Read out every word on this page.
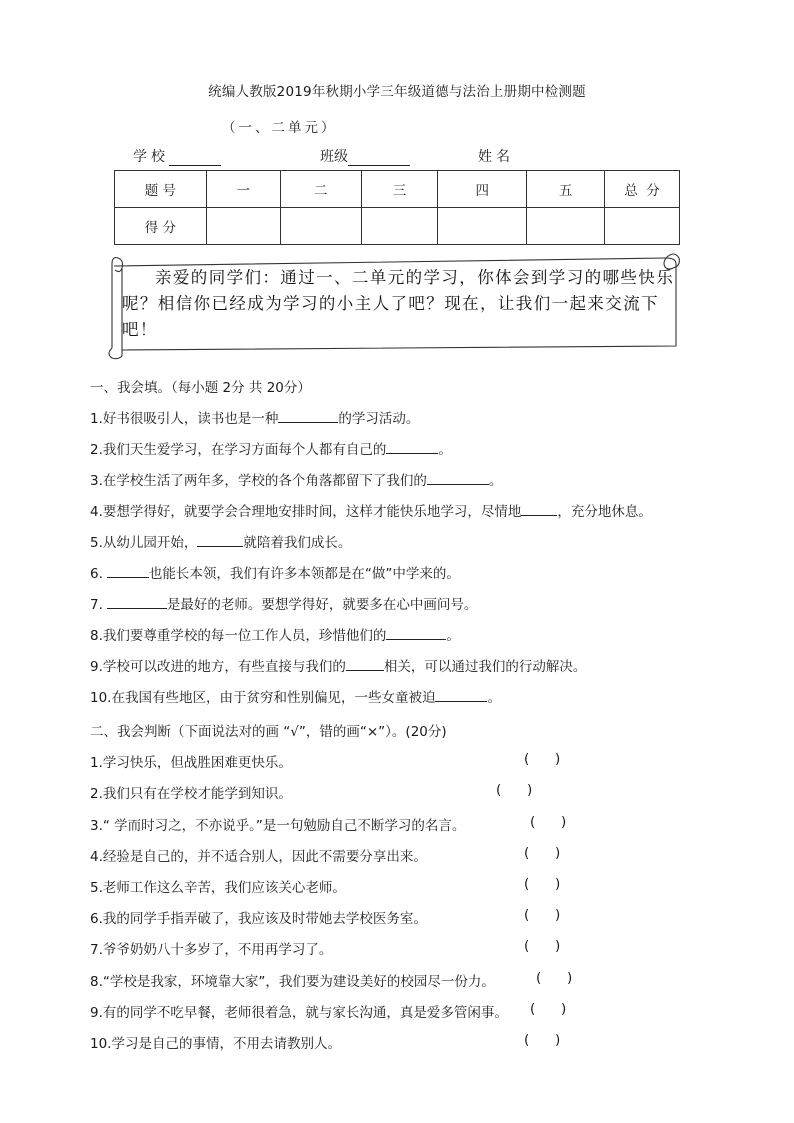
统编人教版2019年秋期小学三年级道德与法治上册期中检测题
（一、二单元）
学校	班级	姓名
题 号	一	二	三	四	五	总  分
得 分						
亲爱的同学们：通过一、二单元的学习，你体会到学习的哪些快乐呢？相信你已经成为学习的小主人了吧？现在，让我们一起来交流下吧！
一、我会填。（每小题 2分 共 20分）
1.好书很吸引人，读书也是一种	的学习活动。
2.我们天生爱学习，在学习方面每个人都有自己的	。
3.在学校生活了两年多，学校的各个角落都留下了我们的	。
4.要想学得好，就要学会合理地安排时间，这样才能快乐地学习，尽情地	，充分地休息。
5.从幼儿园开始，	就陪着我们成长。
6.	也能长本领，我们有许多本领都是在“做”中学来的。
7.	是最好的老师。要想学得好，就要多在心中画问号。
8.我们要尊重学校的每一位工作人员，珍惜他们的	。
9.学校可以改进的地方，有些直接与我们的	相关，可以通过我们的行动解决。
10.在我国有些地区，由于贫穷和性别偏见，一些女童被迫	。
二、我会判断（下面说法对的画 “√”，错的画“×”）。(20分)
1.学习快乐，但战胜困难更快乐。	(      )
2.我们只有在学校才能学到知识。	(      )
3.“ 学而时习之，不亦说乎。”是一句勉励自己不断学习的名言。	(      )
4.经验是自己的，并不适合别人，因此不需要分享出来。	(      )
5.老师工作这么辛苦，我们应该关心老师。	(      )
6.我的同学手指弄破了，我应该及时带她去学校医务室。	(      )
7.爷爷奶奶八十多岁了，不用再学习了。	(      )
8.“学校是我家，环境靠大家”，我们要为建设美好的校园尽一份力。	(      )
9.有的同学不吃早餐，老师很着急，就与家长沟通，真是爱多管闲事。 (      )
10.学习是自己的事情，不用去请教别人。	(      )
